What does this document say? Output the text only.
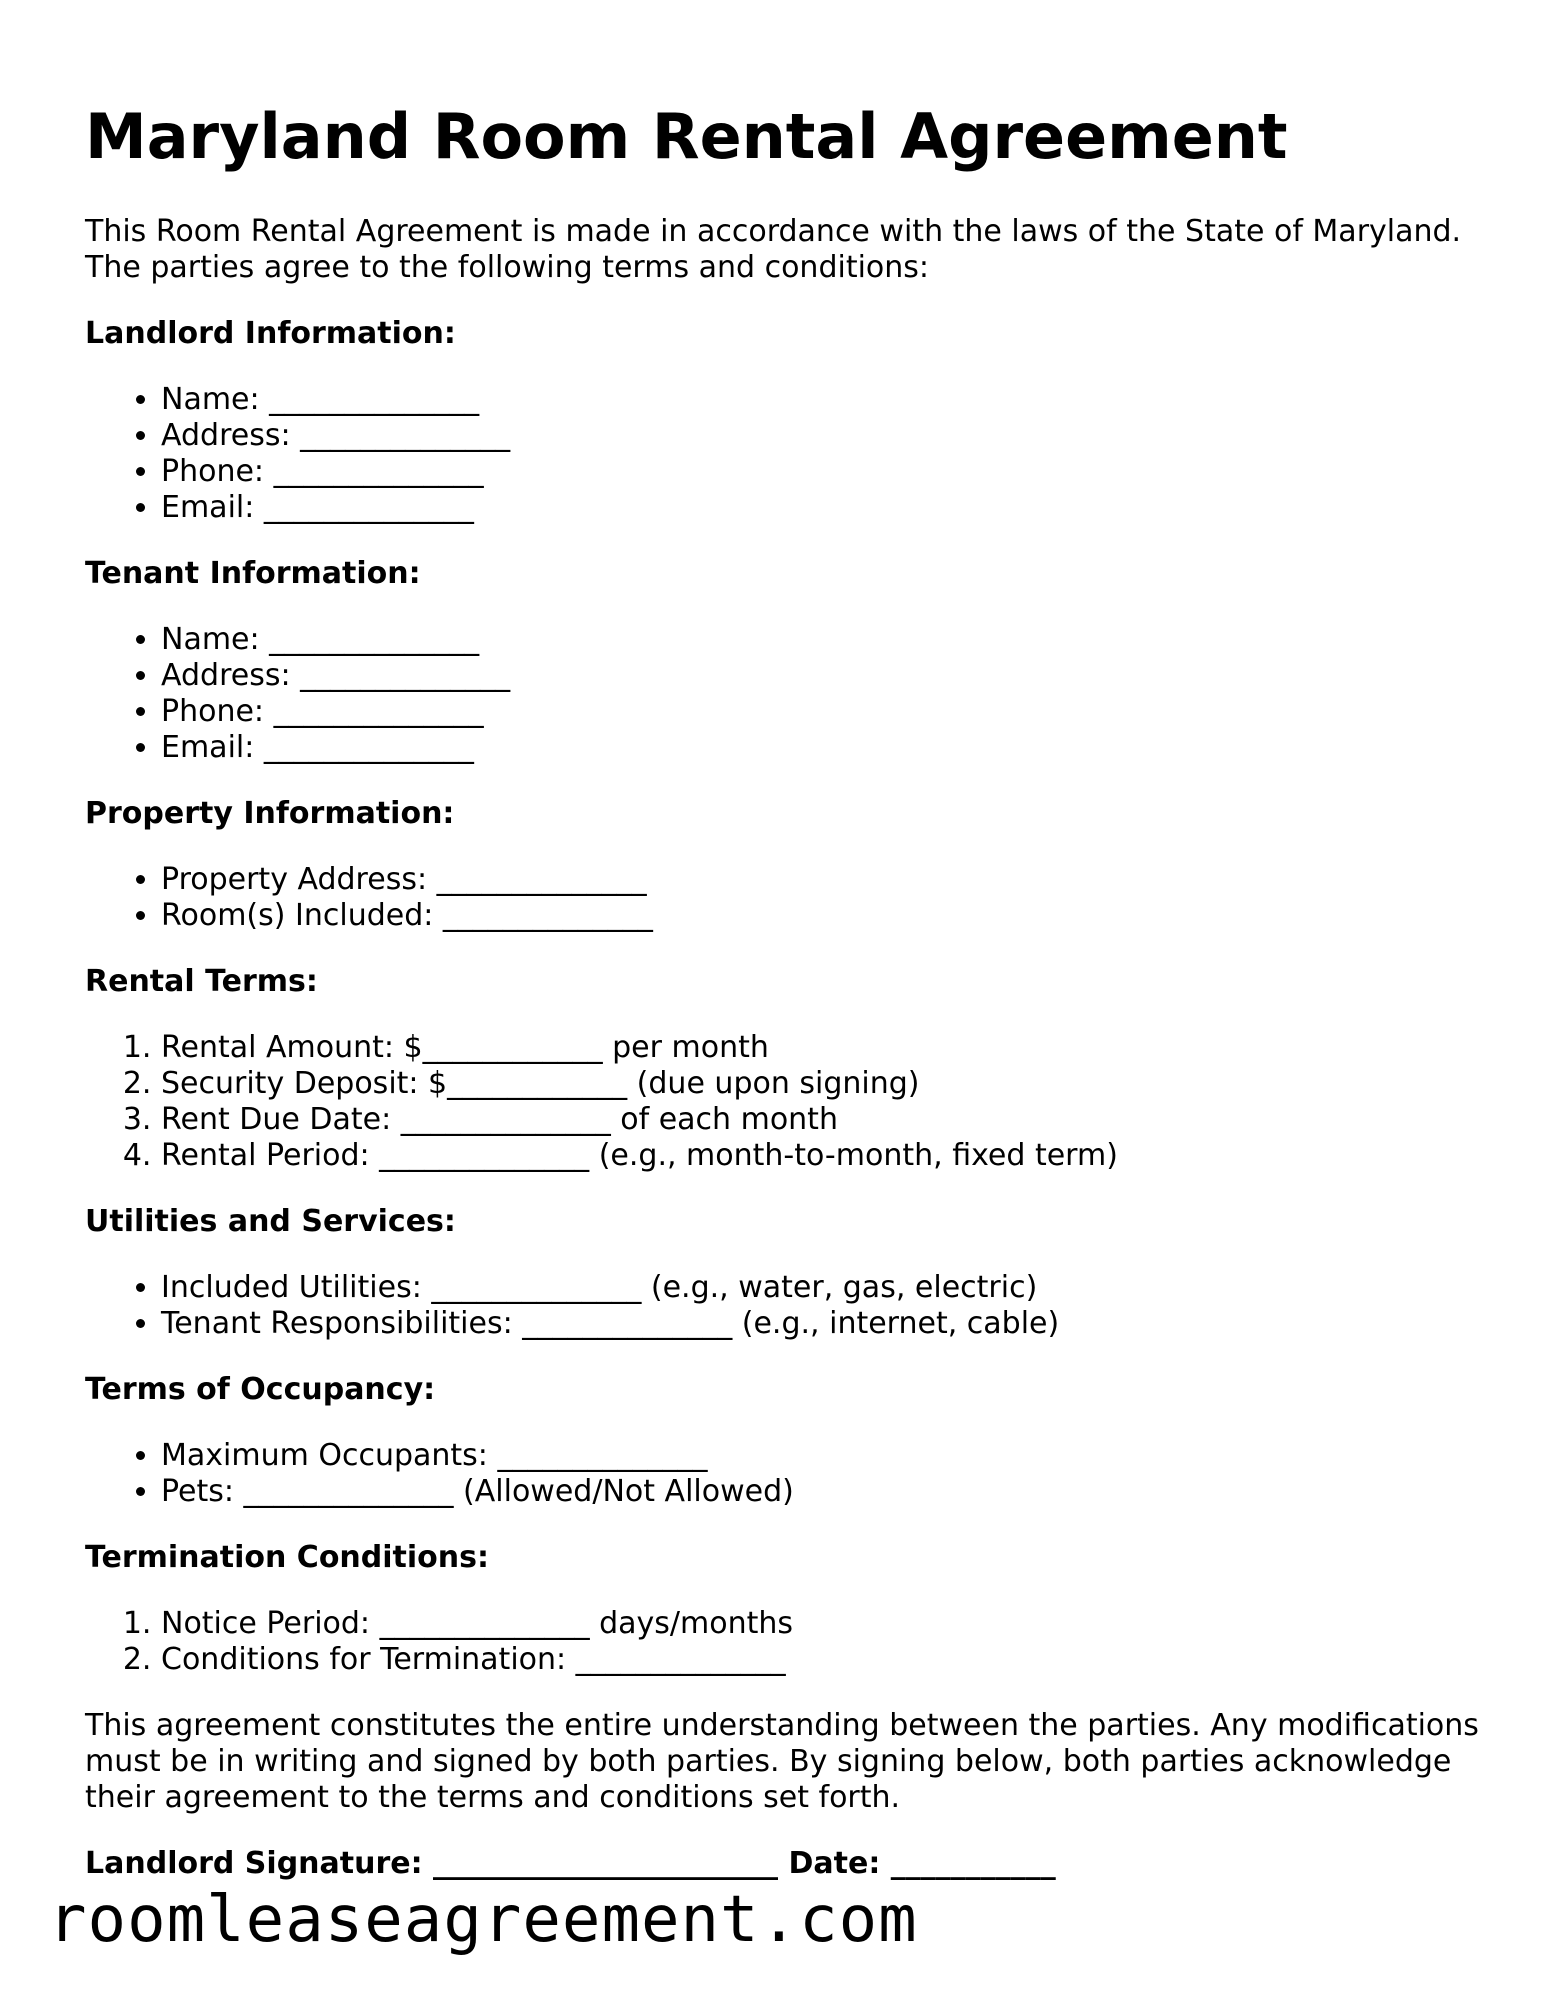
Maryland Room Rental Agreement

This Room Rental Agreement is made in accordance with the laws of the State of Maryland. The parties agree to the following terms and conditions:

Landlord Information:
• Name: ______________
• Address: ______________
• Phone: ______________
• Email: ______________
Tenant Information:
• Name: ______________
• Address: ______________
• Phone: ______________
• Email: ______________
Property Information:
• Property Address: ______________
• Room(s) Included: ______________
Rental Terms:
1. Rental Amount: $____________ per month
2. Security Deposit: $____________ (due upon signing)
3. Rent Due Date: ______________ of each month
4. Rental Period: ______________ (e.g., month-to-month, fixed term)
Utilities and Services:
• Included Utilities: ______________ (e.g., water, gas, electric)
• Tenant Responsibilities: ______________ (e.g., internet, cable)
Terms of Occupancy:
• Maximum Occupants: ______________
• Pets: ______________ (Allowed/Not Allowed)
Termination Conditions:
1. Notice Period: ______________ days/months
2. Conditions for Termination: ______________

This agreement constitutes the entire understanding between the parties. Any modifications must be in writing and signed by both parties. By signing below, both parties acknowledge their agreement to the terms and conditions set forth.

Landlord Signature: _______________________ Date: ___________
roomleaseagreement.com
